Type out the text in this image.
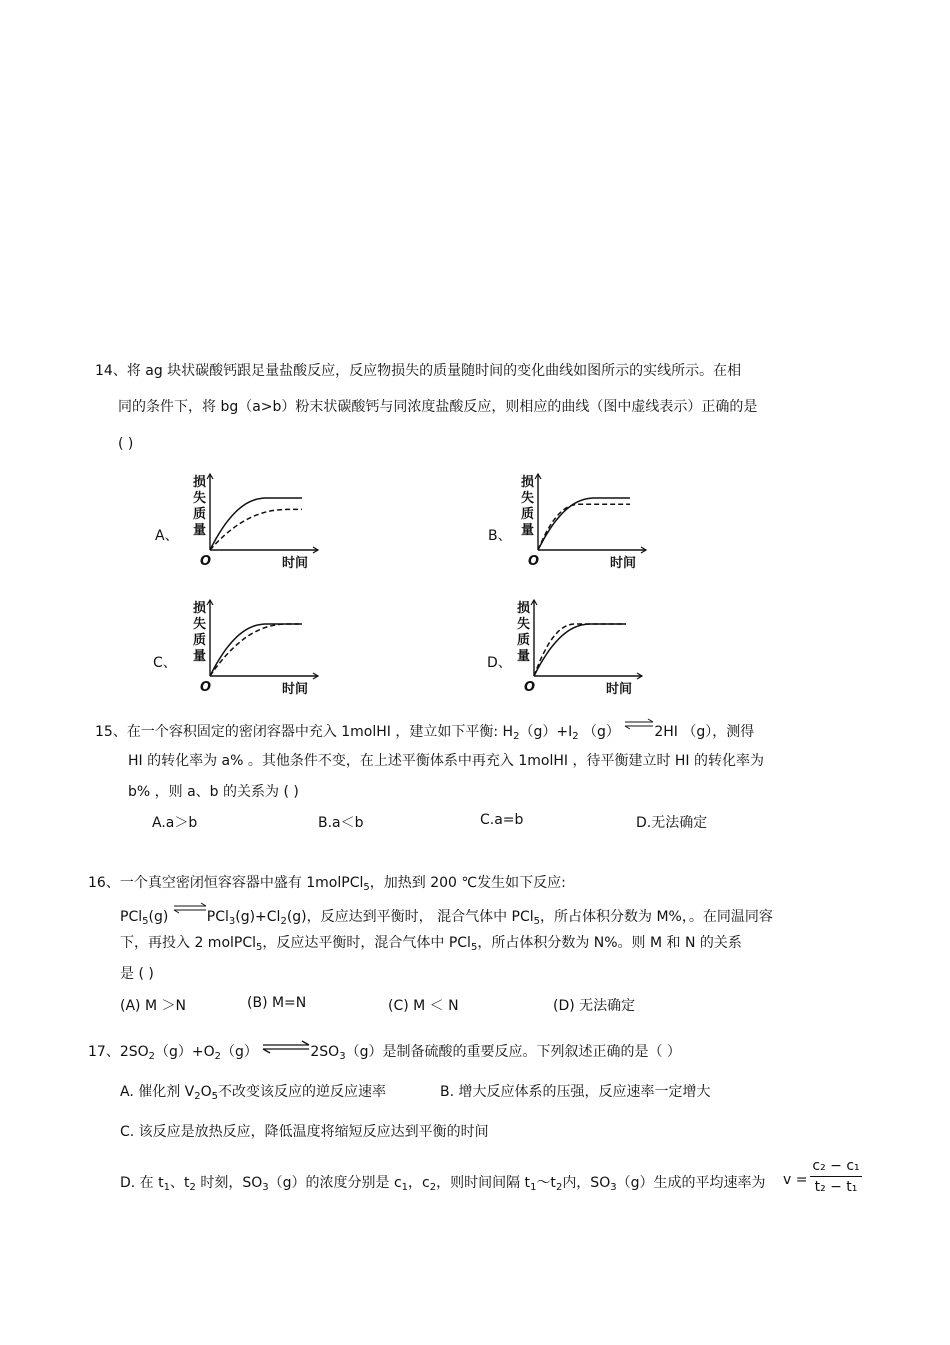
14、将 ag 块状碳酸钙跟足量盐酸反应，反应物损失的质量随时间的变化曲线如图所示的实线所示。在相
同的条件下，将 bg（a>b）粉末状碳酸钙与同浓度盐酸反应，则相应的曲线（图中虚线表示）正确的是
( )
A、	B、
C、	D、
损
失
质
量
O	时间
损
失
质
量
O	时间
损
失
质
量
O	时间
损
失
质
量
O	时间
15、在一个容积固定的密闭容器中充入 1molHI ，建立如下平衡: $H_2(g)+I_2$ （g） ⇌2HI （g），测得
HI 的转化率为 a% 。其他条件不变，在上述平衡体系中再充入 1molHI ，待平衡建立时 HI 的转化率为
b% ，则 a、b 的关系为 ( )
A.a＞b	B.a＜b	C.a=b	D.无法确定
16、一个真空密闭恒容容器中盛有 1molPCl$_5$，加热到 200 ℃发生如下反应:
PCl$_5$(g) $\rightleftharpoons PCl_3(g)+Cl_2(g)$，反应达到平衡时， 混合气体中 PCl$_5$，所占体积分数为 M%，。在同温同容
下，再投入 2 molPCl$_5$，反应达平衡时，混合气体中 PCl$_5$，所占体积分数为 N%。则 M 和 N 的关系
是 ( )
(A) M ＞N	(B) M=N	(C) M ＜ N	(D) 无法确定
17、$2SO_2(g)+O_2(g)$ $\rightleftharpoons 2SO_3(g)$是制备硫酸的重要反应。下列叙述正确的是（ ）
A. 催化剂 $V_2O_5$不改变该反应的逆反应速率	B. 增大反应体系的压强，反应速率一定增大
C. 该反应是放热反应，降低温度将缩短反应达到平衡的时间
D. 在 $t_1$、$t_2$ 时刻，$SO_3(g)$的浓度分别是 $c_1$，$c_2$，则时间间隔 $t_1\sim t_2$内，$SO_3(g)$生成的平均速率为 v =
c₂ − c₁
t₂ − t₁
